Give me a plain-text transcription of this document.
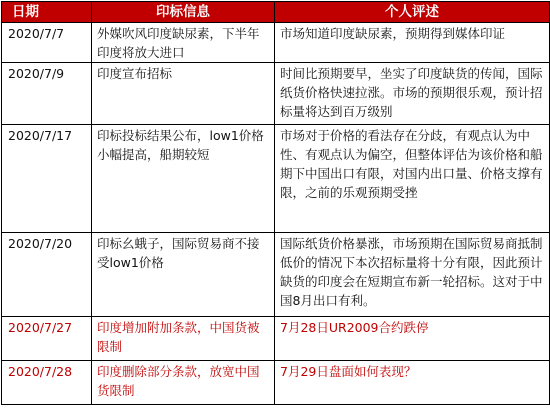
日期	印标信息	个人评述
2020/7/7	外媒吹风印度缺尿素，下半年印度将放大进口	市场知道印度缺尿素，预期得到媒体印证
2020/7/9	印度宣布招标	时间比预期要早，坐实了印度缺货的传闻，国际纸货价格快速拉涨。市场的预期很乐观，预计招标量将达到百万级别
2020/7/17	印标投标结果公布，low1价格小幅提高，船期较短	市场对于价格的看法存在分歧，有观点认为中性、有观点认为偏空，但整体评估为该价格和船期下中国出口有限，对国内出口量、价格支撑有限，之前的乐观预期受挫
2020/7/20	印标幺蛾子，国际贸易商不接受low1价格	国际纸货价格暴涨，市场预期在国际贸易商抵制低价的情况下本次招标量将十分有限，因此预计缺货的印度会在短期宣布新一轮招标。这对于中国8月出口有利。
2020/7/27	印度增加附加条款，中国货被限制	7月28日UR2009合约跌停
2020/7/28	印度删除部分条款，放宽中国货限制	7月29日盘面如何表现？
